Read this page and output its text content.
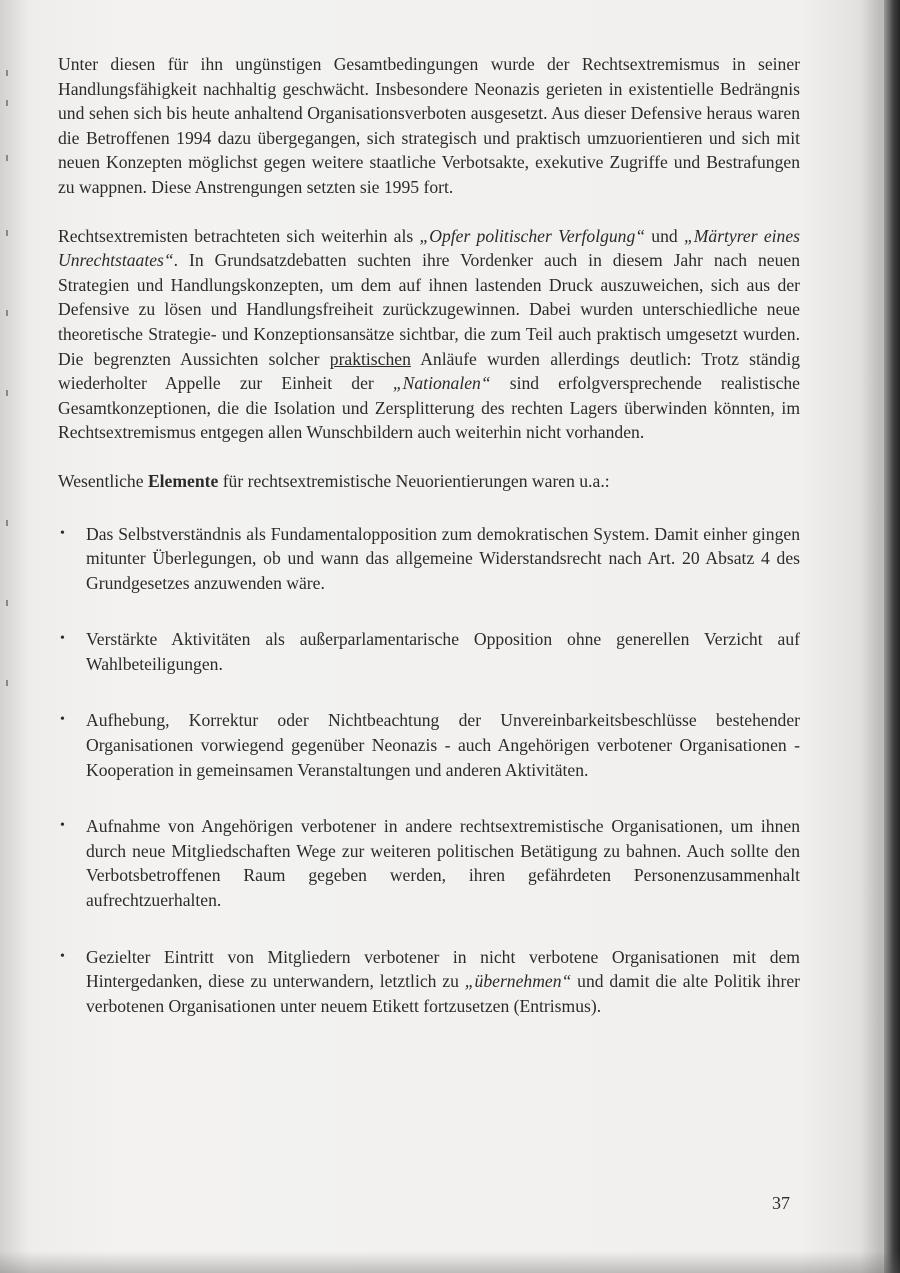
Unter diesen für ihn ungünstigen Gesamtbedingungen wurde der Rechtsextremismus in seiner Handlungsfähigkeit nachhaltig geschwächt. Insbesondere Neonazis gerieten in existentielle Bedrängnis und sehen sich bis heute anhaltend Organisationsverboten ausgesetzt. Aus dieser Defensive heraus waren die Betroffenen 1994 dazu übergegangen, sich strategisch und praktisch umzuorientieren und sich mit neuen Konzepten möglichst gegen weitere staatliche Verbotsakte, exekutive Zugriffe und Bestrafungen zu wappnen. Diese Anstrengungen setzten sie 1995 fort.

Rechtsextremisten betrachteten sich weiterhin als „Opfer politischer Verfolgung“ und „Märtyrer eines Unrechtstaates“. In Grundsatzdebatten suchten ihre Vordenker auch in diesem Jahr nach neuen Strategien und Handlungskonzepten, um dem auf ihnen lastenden Druck auszuweichen, sich aus der Defensive zu lösen und Handlungsfreiheit zurückzugewinnen. Dabei wurden unterschiedliche neue theoretische Strategie- und Konzeptionsansätze sichtbar, die zum Teil auch praktisch umgesetzt wurden. Die begrenzten Aussichten solcher praktischen Anläufe wurden allerdings deutlich: Trotz ständig wiederholter Appelle zur Einheit der „Nationalen“ sind erfolgversprechende realistische Gesamtkonzeptionen, die die Isolation und Zersplitterung des rechten Lagers überwinden könnten, im Rechtsextremismus entgegen allen Wunschbildern auch weiterhin nicht vorhanden.

Wesentliche Elemente für rechtsextremistische Neuorientierungen waren u.a.:

• Das Selbstverständnis als Fundamentalopposition zum demokratischen System. Damit einher gingen mitunter Überlegungen, ob und wann das allgemeine Widerstandsrecht nach Art. 20 Absatz 4 des Grundgesetzes anzuwenden wäre.
• Verstärkte Aktivitäten als außerparlamentarische Opposition ohne generellen Verzicht auf Wahlbeteiligungen.
• Aufhebung, Korrektur oder Nichtbeachtung der Unvereinbarkeitsbeschlüsse bestehender Organisationen vorwiegend gegenüber Neonazis - auch Angehörigen verbotener Organisationen - Kooperation in gemeinsamen Veranstaltungen und anderen Aktivitäten.
• Aufnahme von Angehörigen verbotener in andere rechtsextremistische Organisationen, um ihnen durch neue Mitgliedschaften Wege zur weiteren politischen Betätigung zu bahnen. Auch sollte den Verbotsbetroffenen Raum gegeben werden, ihren gefährdeten Personenzusammenhalt aufrechtzuerhalten.
• Gezielter Eintritt von Mitgliedern verbotener in nicht verbotene Organisationen mit dem Hintergedanken, diese zu unterwandern, letztlich zu „übernehmen“ und damit die alte Politik ihrer verbotenen Organisationen unter neuem Etikett fortzusetzen (Entrismus).
37
